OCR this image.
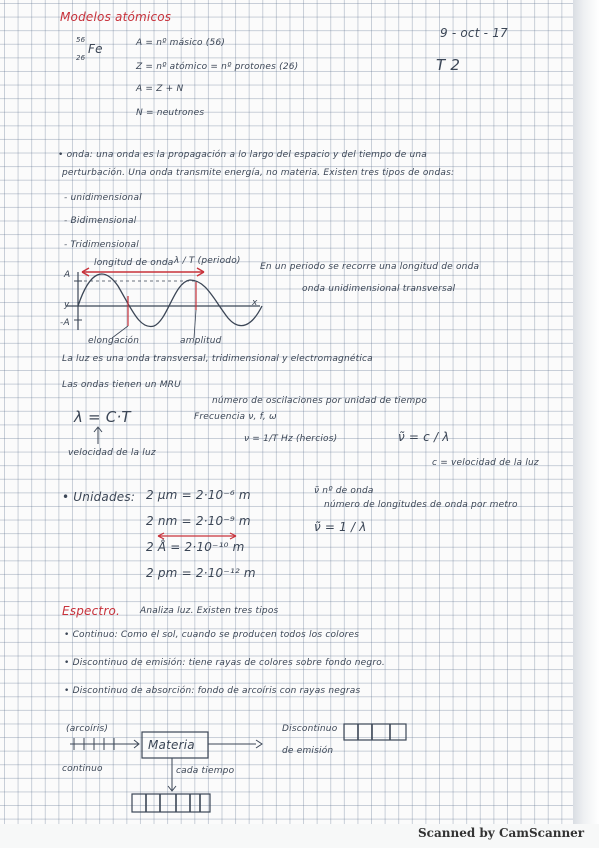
Modelos atómicos
9 - oct - 17
T 2
56
26
Fe	A = nº másico (56)
Z = nº atómico = nº protones (26)
A = Z + N
N = neutrones
• onda: una onda es la propagación a lo largo del espacio y del tiempo de una
perturbación. Una onda transmite energía, no materia. Existen tres tipos de ondas:
- unidimensional
- Bidimensional
- Tridimensional
longitud de onda λ / T (periodo)
En un periodo se recorre una longitud de onda
onda unidimensional transversal
A
y
-A
x
elongación	amplitud
La luz es una onda transversal, tridimensional y electromagnética
Las ondas tienen un MRU
número de oscilaciones por unidad de tiempo
λ = C·T	Frecuencia ν, f, ω
ν = 1/T Hz (hercios)	ν̃ = c / λ
velocidad de la luz
c = velocidad de la luz
• Unidades: 2 μm = 2·10⁻⁶ m
2 nm = 2·10⁻⁹ m
2 Å = 2·10⁻¹⁰ m
2 pm = 2·10⁻¹² m
ν̃ nº de onda
número de longitudes de onda por metro
ν̃ = 1 / λ
Espectro. Analiza luz. Existen tres tipos
• Continuo: Como el sol, cuando se producen todos los colores
• Discontinuo de emisión: tiene rayas de colores sobre fondo negro.
• Discontinuo de absorción: fondo de arcoíris con rayas negras
(arcoíris)
continuo
Materia
cada tiempo
Discontinuo
de emisión
Scanned by CamScanner
